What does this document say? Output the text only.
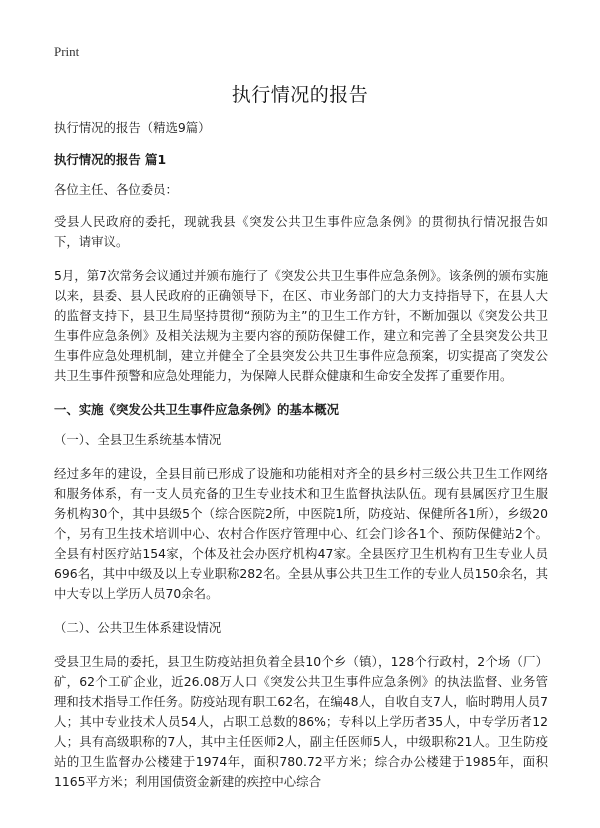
Print
执行情况的报告

执行情况的报告（精选9篇）

执行情况的报告 篇1

各位主任、各位委员：

受县人民政府的委托，现就我县《突发公共卫生事件应急条例》的贯彻执行情况报告如下，请审议。

5月，第7次常务会议通过并颁布施行了《突发公共卫生事件应急条例》。该条例的颁布实施以来，县委、县人民政府的正确领导下，在区、市业务部门的大力支持指导下，在县人大的监督支持下，县卫生局坚持贯彻“预防为主”的卫生工作方针，不断加强以《突发公共卫生事件应急条例》及相关法规为主要内容的预防保健工作，建立和完善了全县突发公共卫生事件应急处理机制，建立并健全了全县突发公共卫生事件应急预案，切实提高了突发公共卫生事件预警和应急处理能力，为保障人民群众健康和生命安全发挥了重要作用。

一、实施《突发公共卫生事件应急条例》的基本概况

（一）、全县卫生系统基本情况

经过多年的建设，全县目前已形成了设施和功能相对齐全的县乡村三级公共卫生工作网络和服务体系，有一支人员充备的卫生专业技术和卫生监督执法队伍。现有县属医疗卫生服务机构30个，其中县级5个（综合医院2所，中医院1所，防疫站、保健所各1所），乡级20个，另有卫生技术培训中心、农村合作医疗管理中心、红会门诊各1个、预防保健站2个。全县有村医疗站154家，个体及社会办医疗机构47家。全县医疗卫生机构有卫生专业人员696名，其中中级及以上专业职称282名。全县从事公共卫生工作的专业人员150余名，其中大专以上学历人员70余名。

（二）、公共卫生体系建设情况

受县卫生局的委托，县卫生防疫站担负着全县10个乡（镇），128个行政村，2个场（厂）矿，62个工矿企业，近26.08万人口《突发公共卫生事件应急条例》的执法监督、业务管理和技术指导工作任务。防疫站现有职工62名，在编48人，自收自支7人，临时聘用人员7人；其中专业技术人员54人，占职工总数的86%；专科以上学历者35人，中专学历者12人；具有高级职称的7人，其中主任医师2人，副主任医师5人，中级职称21人。卫生防疫站的卫生监督办公楼建于1974年，面积780.72平方米；综合办公楼建于1985年，面积1165平方米；利用国债资金新建的疾控中心综合
